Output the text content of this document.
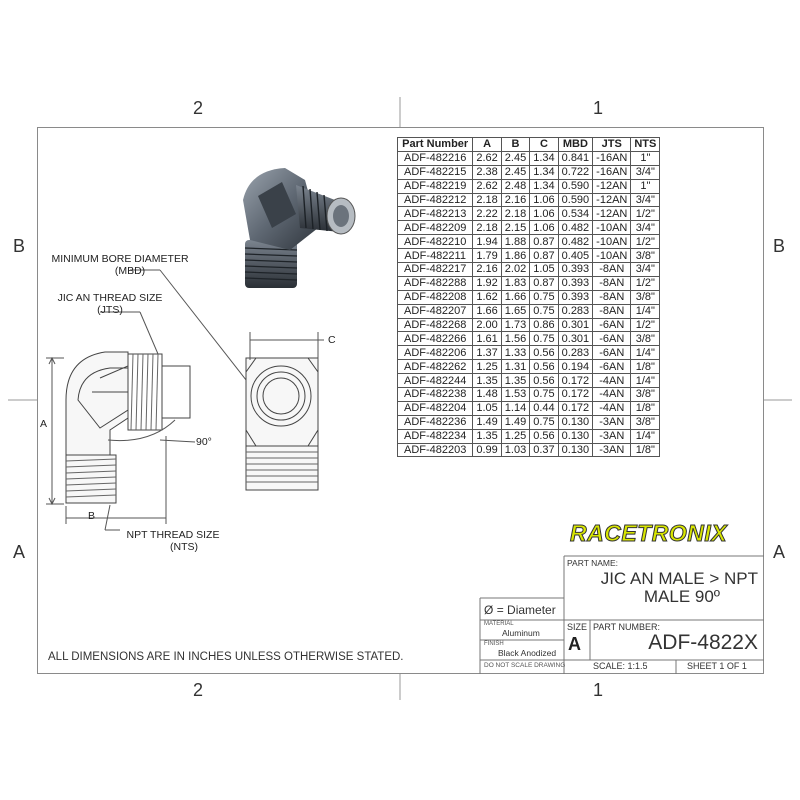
2	1
2	1
B	B
A	A
Part Number	A	B	C	MBD	JTS	NTS
ADF-482216	2.62	2.45	1.34	0.841	-16AN	1"
ADF-482215	2.38	2.45	1.34	0.722	-16AN	3/4"
ADF-482219	2.62	2.48	1.34	0.590	-12AN	1"
ADF-482212	2.18	2.16	1.06	0.590	-12AN	3/4"
ADF-482213	2.22	2.18	1.06	0.534	-12AN	1/2"
ADF-482209	2.18	2.15	1.06	0.482	-10AN	3/4"
ADF-482210	1.94	1.88	0.87	0.482	-10AN	1/2"
ADF-482211	1.79	1.86	0.87	0.405	-10AN	3/8"
ADF-482217	2.16	2.02	1.05	0.393	-8AN	3/4"
ADF-482288	1.92	1.83	0.87	0.393	-8AN	1/2"
ADF-482208	1.62	1.66	0.75	0.393	-8AN	3/8"
ADF-482207	1.66	1.65	0.75	0.283	-8AN	1/4"
ADF-482268	2.00	1.73	0.86	0.301	-6AN	1/2"
ADF-482266	1.61	1.56	0.75	0.301	-6AN	3/8"
ADF-482206	1.37	1.33	0.56	0.283	-6AN	1/4"
ADF-482262	1.25	1.31	0.56	0.194	-6AN	1/8"
ADF-482244	1.35	1.35	0.56	0.172	-4AN	1/4"
ADF-482238	1.48	1.53	0.75	0.172	-4AN	3/8"
ADF-482204	1.05	1.14	0.44	0.172	-4AN	1/8"
ADF-482236	1.49	1.49	0.75	0.130	-3AN	3/8"
ADF-482234	1.35	1.25	0.56	0.130	-3AN	1/4"
ADF-482203	0.99	1.03	0.37	0.130	-3AN	1/8"
MINIMUM BORE DIAMETER
(MBD)
JIC AN THREAD SIZE
(JTS)
NPT THREAD SIZE
(NTS)
A
B
C
90°
ALL DIMENSIONS ARE IN INCHES UNLESS OTHERWISE STATED.
RACETRONIX
PART NAME:
JIC AN MALE > NPT
MALE 90º
Ø = Diameter
MATERIAL
Aluminum
FINISH
Black Anodized
DO NOT SCALE DRAWING
SIZE
A
PART NUMBER:
ADF-4822X
SCALE: 1:1.5	SHEET 1 OF 1
